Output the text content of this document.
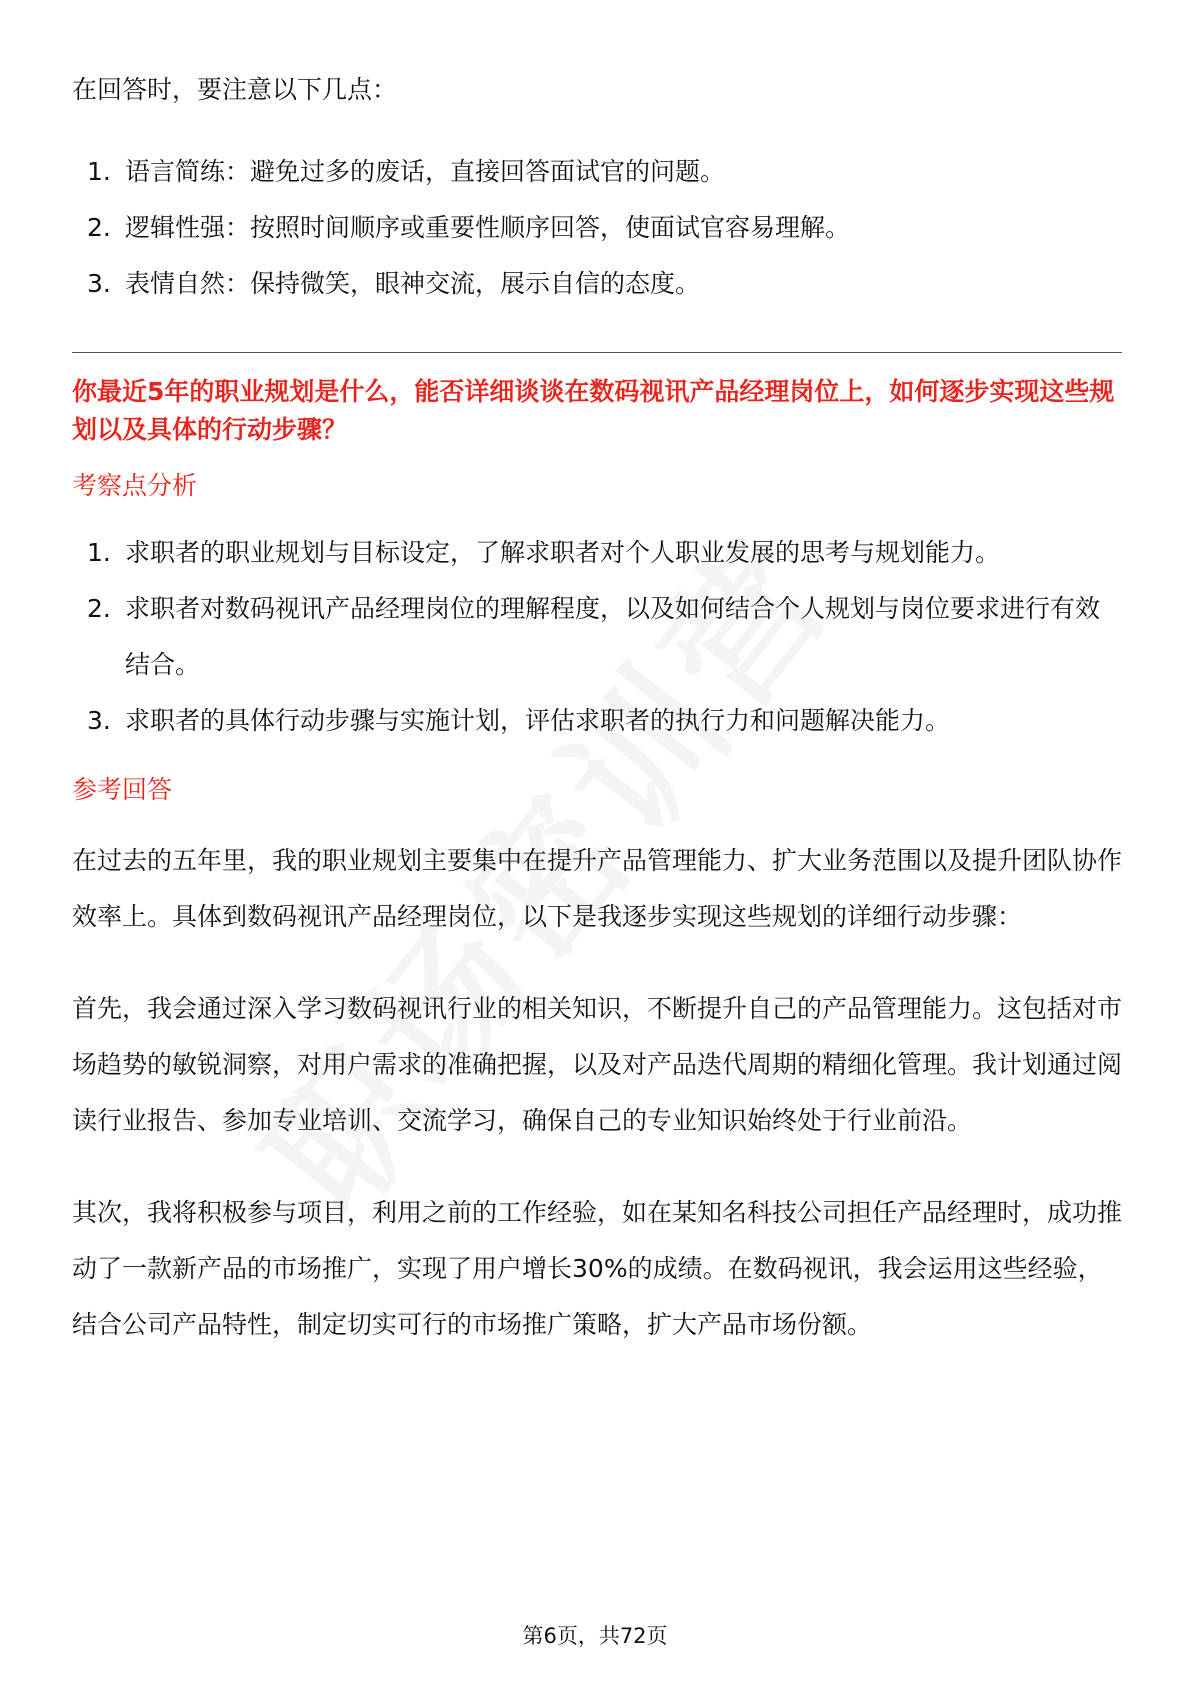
在回答时，要注意以下几点：

1. 语言简练：避免过多的废话，直接回答面试官的问题。
2. 逻辑性强：按照时间顺序或重要性顺序回答，使面试官容易理解。
3. 表情自然：保持微笑，眼神交流，展示自信的态度。

你最近5年的职业规划是什么，能否详细谈谈在数码视讯产品经理岗位上，如何逐步实现这些规划以及具体的行动步骤？

考察点分析

1. 求职者的职业规划与目标设定，了解求职者对个人职业发展的思考与规划能力。
2. 求职者对数码视讯产品经理岗位的理解程度，以及如何结合个人规划与岗位要求进行有效结合。
3. 求职者的具体行动步骤与实施计划，评估求职者的执行力和问题解决能力。

参考回答

在过去的五年里，我的职业规划主要集中在提升产品管理能力、扩大业务范围以及提升团队协作效率上。具体到数码视讯产品经理岗位，以下是我逐步实现这些规划的详细行动步骤：

首先，我会通过深入学习数码视讯行业的相关知识，不断提升自己的产品管理能力。这包括对市场趋势的敏锐洞察，对用户需求的准确把握，以及对产品迭代周期的精细化管理。我计划通过阅读行业报告、参加专业培训、交流学习，确保自己的专业知识始终处于行业前沿。

其次，我将积极参与项目，利用之前的工作经验，如在某知名科技公司担任产品经理时，成功推动了一款新产品的市场推广，实现了用户增长30%的成绩。在数码视讯，我会运用这些经验，结合公司产品特性，制定切实可行的市场推广策略，扩大产品市场份额。

第6页，共72页
